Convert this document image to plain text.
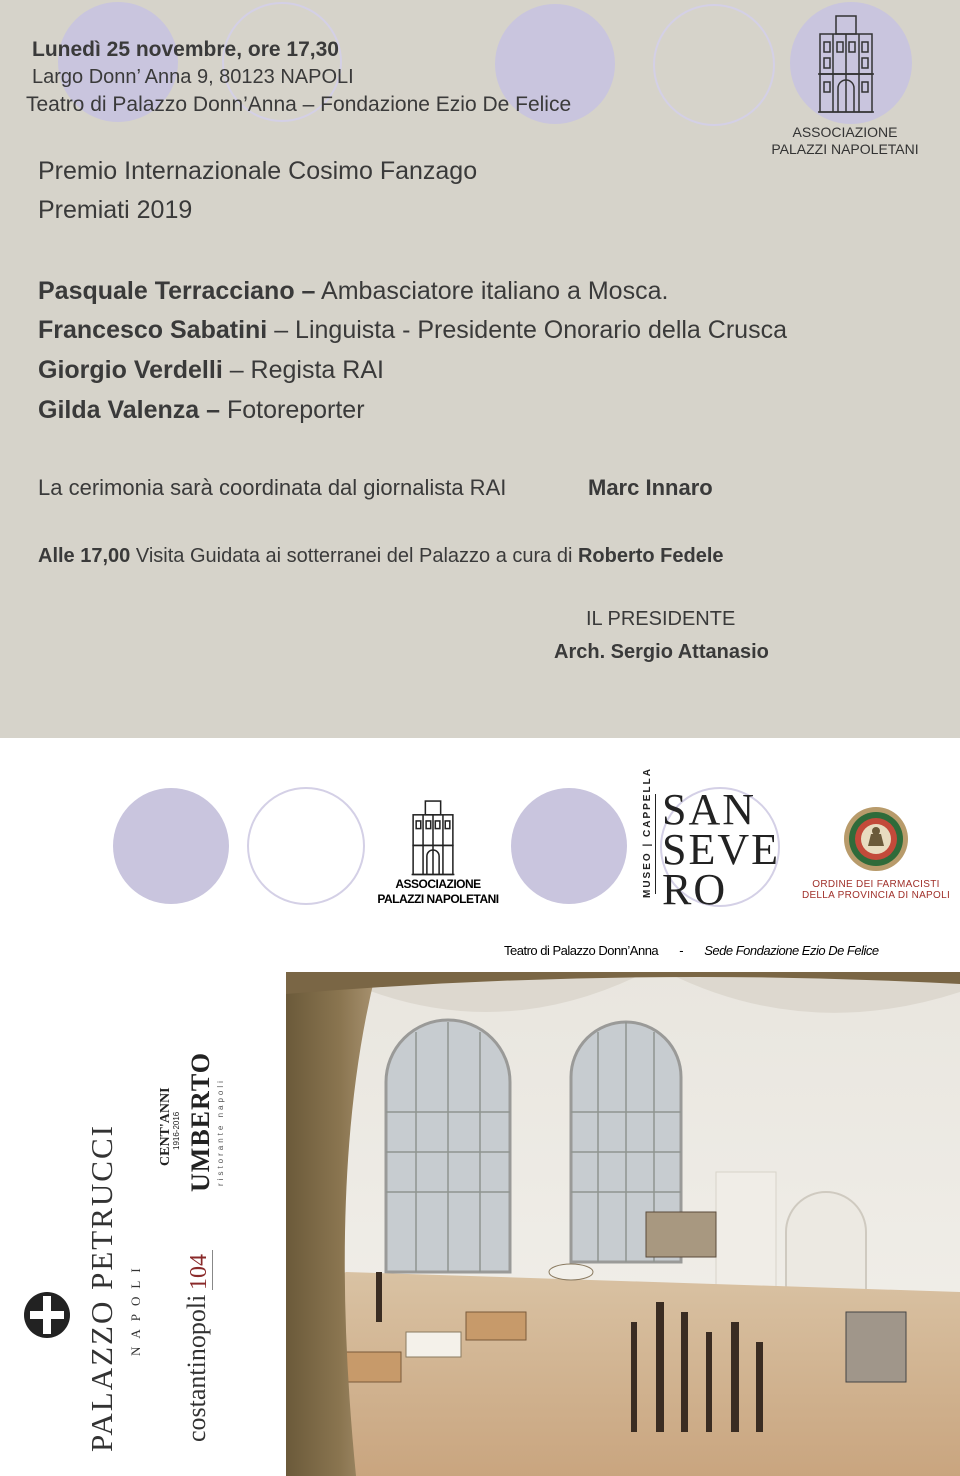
ASSOCIAZIONE
PALAZZI NAPOLETANI
Lunedì 25 novembre, ore 17,30
Largo Donn’ Anna 9, 80123 NAPOLI
Teatro di Palazzo Donn’Anna – Fondazione Ezio De Felice
Premio Internazionale Cosimo Fanzago
Premiati 2019
Pasquale Terracciano – Ambasciatore italiano a Mosca.
Francesco Sabatini – Linguista - Presidente Onorario della Crusca
Giorgio Verdelli – Regista RAI
Gilda Valenza – Fotoreporter
La cerimonia sarà coordinata dal giornalista RAI	Marc Innaro
Alle 17,00 Visita Guidata ai sotterranei del Palazzo a cura di Roberto Fedele
IL PRESIDENTE
Arch. Sergio Attanasio
ASSOCIAZIONE
PALAZZI NAPOLETANI
MUSEO | CAPPELLA SAN
SEVE
RO	ORDINE DEI FARMACISTI
DELLA PROVINCIA DI NAPOLI
Teatro di Palazzo Donn’Anna - Sede Fondazione Ezio De Felice
PALAZZO PETRUCCI NAPOLI costantinopoli
104
UMBERTO ristorante napoli
CENT'ANNI 1916-2016
